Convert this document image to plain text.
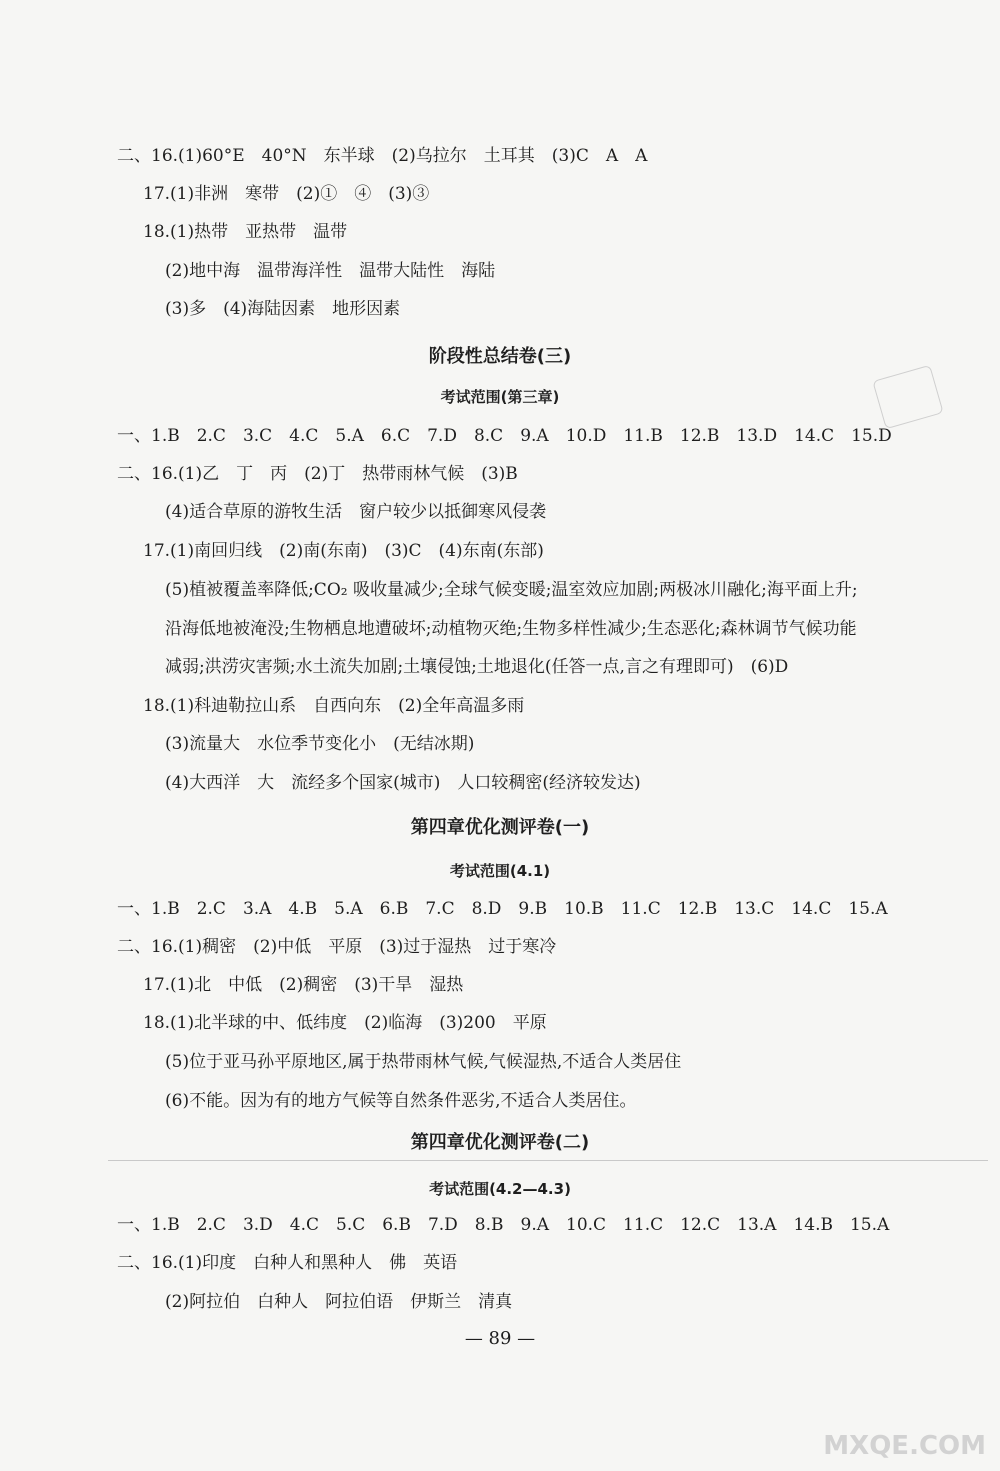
二、16.(1)60°E　40°N　东半球　(2)乌拉尔　土耳其　(3)C　A　A
17.(1)非洲　寒带　(2)①　④　(3)③
18.(1)热带　亚热带　温带
(2)地中海　温带海洋性　温带大陆性　海陆
(3)多　(4)海陆因素　地形因素
阶段性总结卷(三)
考试范围(第三章)
一、1.B　2.C　3.C　4.C　5.A　6.C　7.D　8.C　9.A　10.D　11.B　12.B　13.D　14.C　15.D
二、16.(1)乙　丁　丙　(2)丁　热带雨林气候　(3)B
(4)适合草原的游牧生活　窗户较少以抵御寒风侵袭
17.(1)南回归线　(2)南(东南)　(3)C　(4)东南(东部)
(5)植被覆盖率降低;CO₂ 吸收量减少;全球气候变暖;温室效应加剧;两极冰川融化;海平面上升;
沿海低地被淹没;生物栖息地遭破坏;动植物灭绝;生物多样性减少;生态恶化;森林调节气候功能
减弱;洪涝灾害频;水土流失加剧;土壤侵蚀;土地退化(任答一点,言之有理即可)　(6)D
18.(1)科迪勒拉山系　自西向东　(2)全年高温多雨
(3)流量大　水位季节变化小　(无结冰期)
(4)大西洋　大　流经多个国家(城市)　人口较稠密(经济较发达)
第四章优化测评卷(一)
考试范围(4.1)
一、1.B　2.C　3.A　4.B　5.A　6.B　7.C　8.D　9.B　10.B　11.C　12.B　13.C　14.C　15.A
二、16.(1)稠密　(2)中低　平原　(3)过于湿热　过于寒冷
17.(1)北　中低　(2)稠密　(3)干旱　湿热
18.(1)北半球的中、低纬度　(2)临海　(3)200　平原
(5)位于亚马孙平原地区,属于热带雨林气候,气候湿热,不适合人类居住
(6)不能。因为有的地方气候等自然条件恶劣,不适合人类居住。
第四章优化测评卷(二)
考试范围(4.2—4.3)
一、1.B　2.C　3.D　4.C　5.C　6.B　7.D　8.B　9.A　10.C　11.C　12.C　13.A　14.B　15.A
二、16.(1)印度　白种人和黑种人　佛　英语
(2)阿拉伯　白种人　阿拉伯语　伊斯兰　清真
— 89 —
MXQE.COM
